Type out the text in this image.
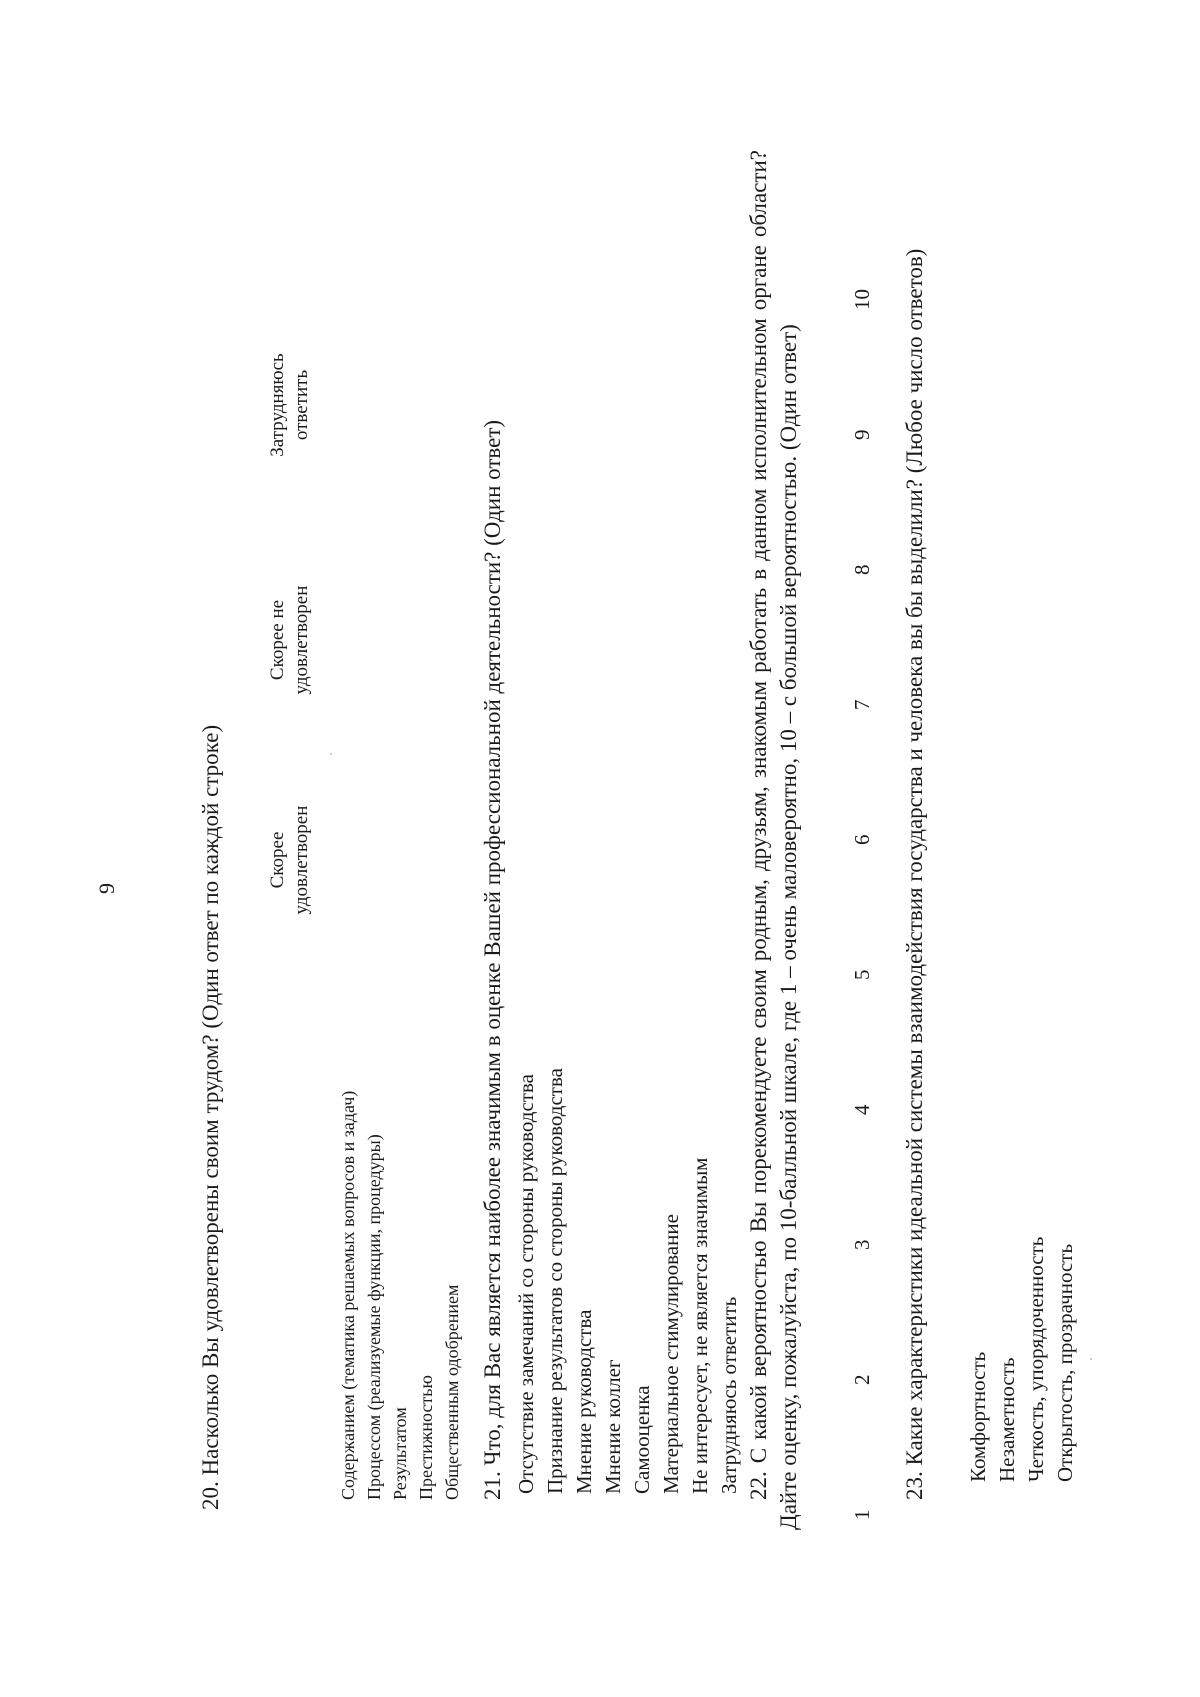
9	20. Насколько Вы удовлетворены своим трудом? (Один ответ по каждой строке) Скорее удовлетворен
Скорее не удовлетворен
Затрудняюсь ответить
Содержанием (тематика решаемых вопросов и задач) Процессом (реализуемые функции, процедуры) Результатом Престижностью Общественным одобрением 21. Что, для Вас является наиболее значимым в оценке Вашей профессиональной деятельности? (Один ответ) Отсутствие замечаний со стороны руководства Признание результатов со стороны руководства Мнение руководства Мнение коллег Самооценка Материальное стимулирование Не интересует, не является значимым Затрудняюсь ответить 22. С какой вероятностью Вы порекомендуете своим родным, друзьям, знакомым работать в данном исполнительном органе области? Дайте оценку, пожалуйста, по 10-балльной шкале, где 1 – очень маловероятно, 10 – с большой вероятностью. (Один ответ) 1
2
3
4
5
6
7
8
9
10 23. Какие характеристики идеальной системы взаимодействия государства и человека вы бы выделили? (Любое число ответов) Комфортность Незаметность Четкость, упорядоченность Открытость, прозрачность
